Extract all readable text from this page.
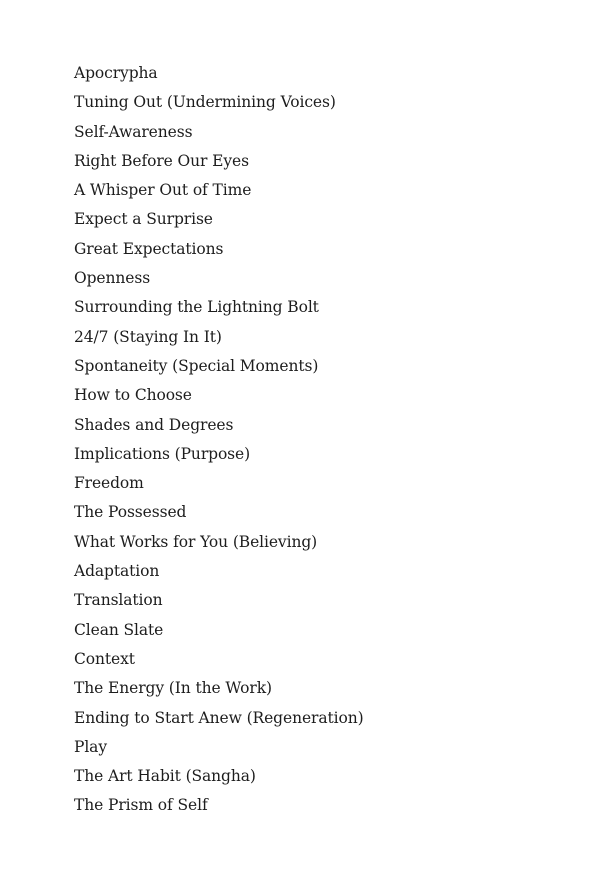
Apocrypha
Tuning Out (Undermining Voices)
Self-Awareness
Right Before Our Eyes
A Whisper Out of Time
Expect a Surprise
Great Expectations
Openness
Surrounding the Lightning Bolt
24/7 (Staying In It)
Spontaneity (Special Moments)
How to Choose
Shades and Degrees
Implications (Purpose)
Freedom
The Possessed
What Works for You (Believing)
Adaptation
Translation
Clean Slate
Context
The Energy (In the Work)
Ending to Start Anew (Regeneration)
Play
The Art Habit (Sangha)
The Prism of Self
